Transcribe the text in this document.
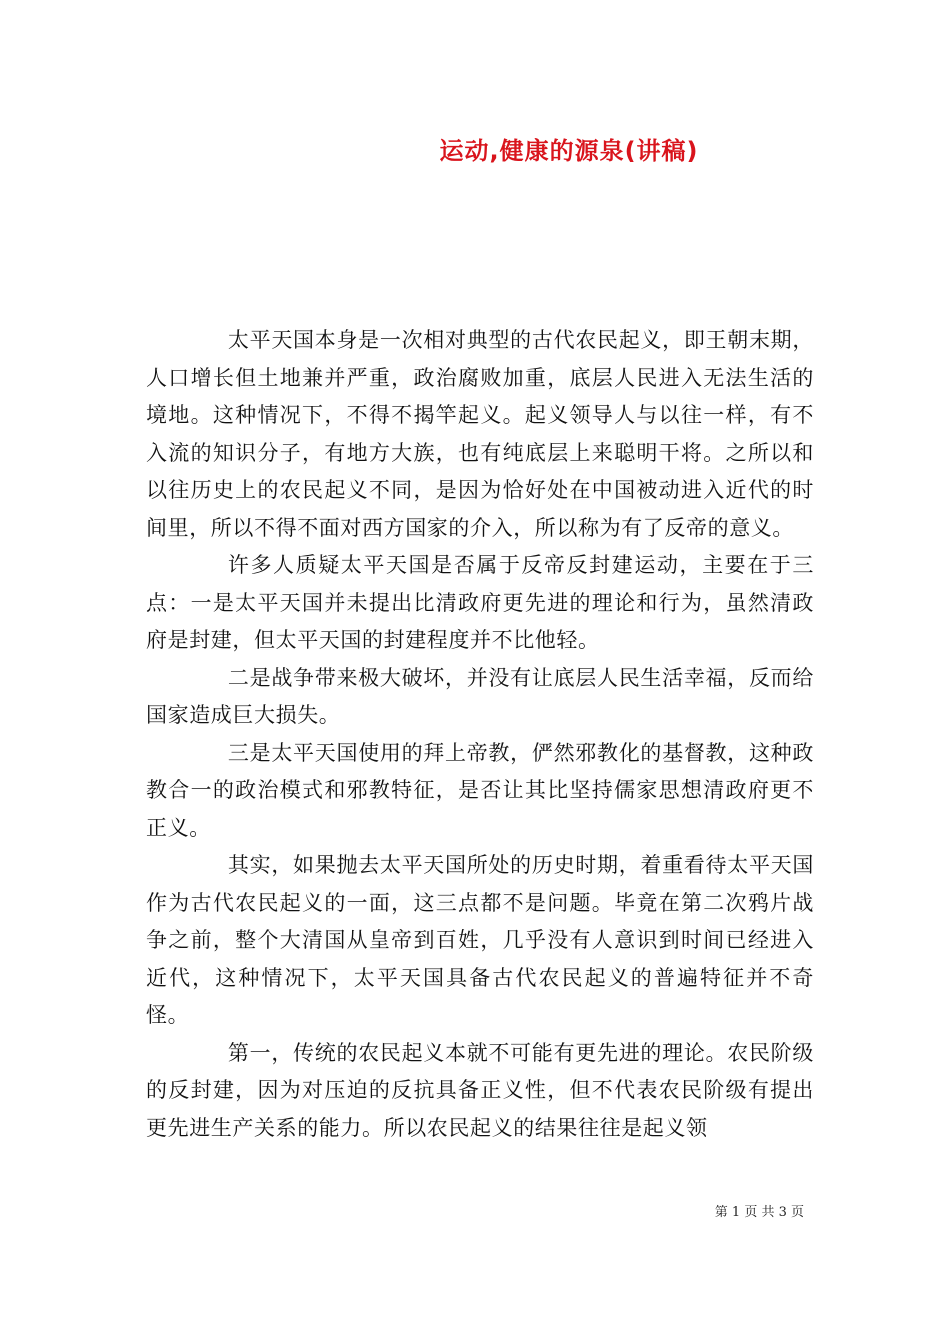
运动,健康的源泉(讲稿)

太平天国本身是一次相对典型的古代农民起义，即王朝末期，人口增长但土地兼并严重，政治腐败加重，底层人民进入无法生活的境地。这种情况下，不得不揭竿起义。起义领导人与以往一样，有不入流的知识分子，有地方大族，也有纯底层上来聪明干将。之所以和以往历史上的农民起义不同，是因为恰好处在中国被动进入近代的时间里，所以不得不面对西方国家的介入，所以称为有了反帝的意义。

许多人质疑太平天国是否属于反帝反封建运动，主要在于三点：一是太平天国并未提出比清政府更先进的理论和行为，虽然清政府是封建，但太平天国的封建程度并不比他轻。

二是战争带来极大破坏，并没有让底层人民生活幸福，反而给国家造成巨大损失。

三是太平天国使用的拜上帝教，俨然邪教化的基督教，这种政教合一的政治模式和邪教特征，是否让其比坚持儒家思想清政府更不正义。

其实，如果抛去太平天国所处的历史时期，着重看待太平天国作为古代农民起义的一面，这三点都不是问题。毕竟在第二次鸦片战争之前，整个大清国从皇帝到百姓，几乎没有人意识到时间已经进入近代，这种情况下，太平天国具备古代农民起义的普遍特征并不奇怪。

第一，传统的农民起义本就不可能有更先进的理论。农民阶级的反封建，因为对压迫的反抗具备正义性，但不代表农民阶级有提出更先进生产关系的能力。所以农民起义的结果往往是起义领

第 1 页 共 3 页
